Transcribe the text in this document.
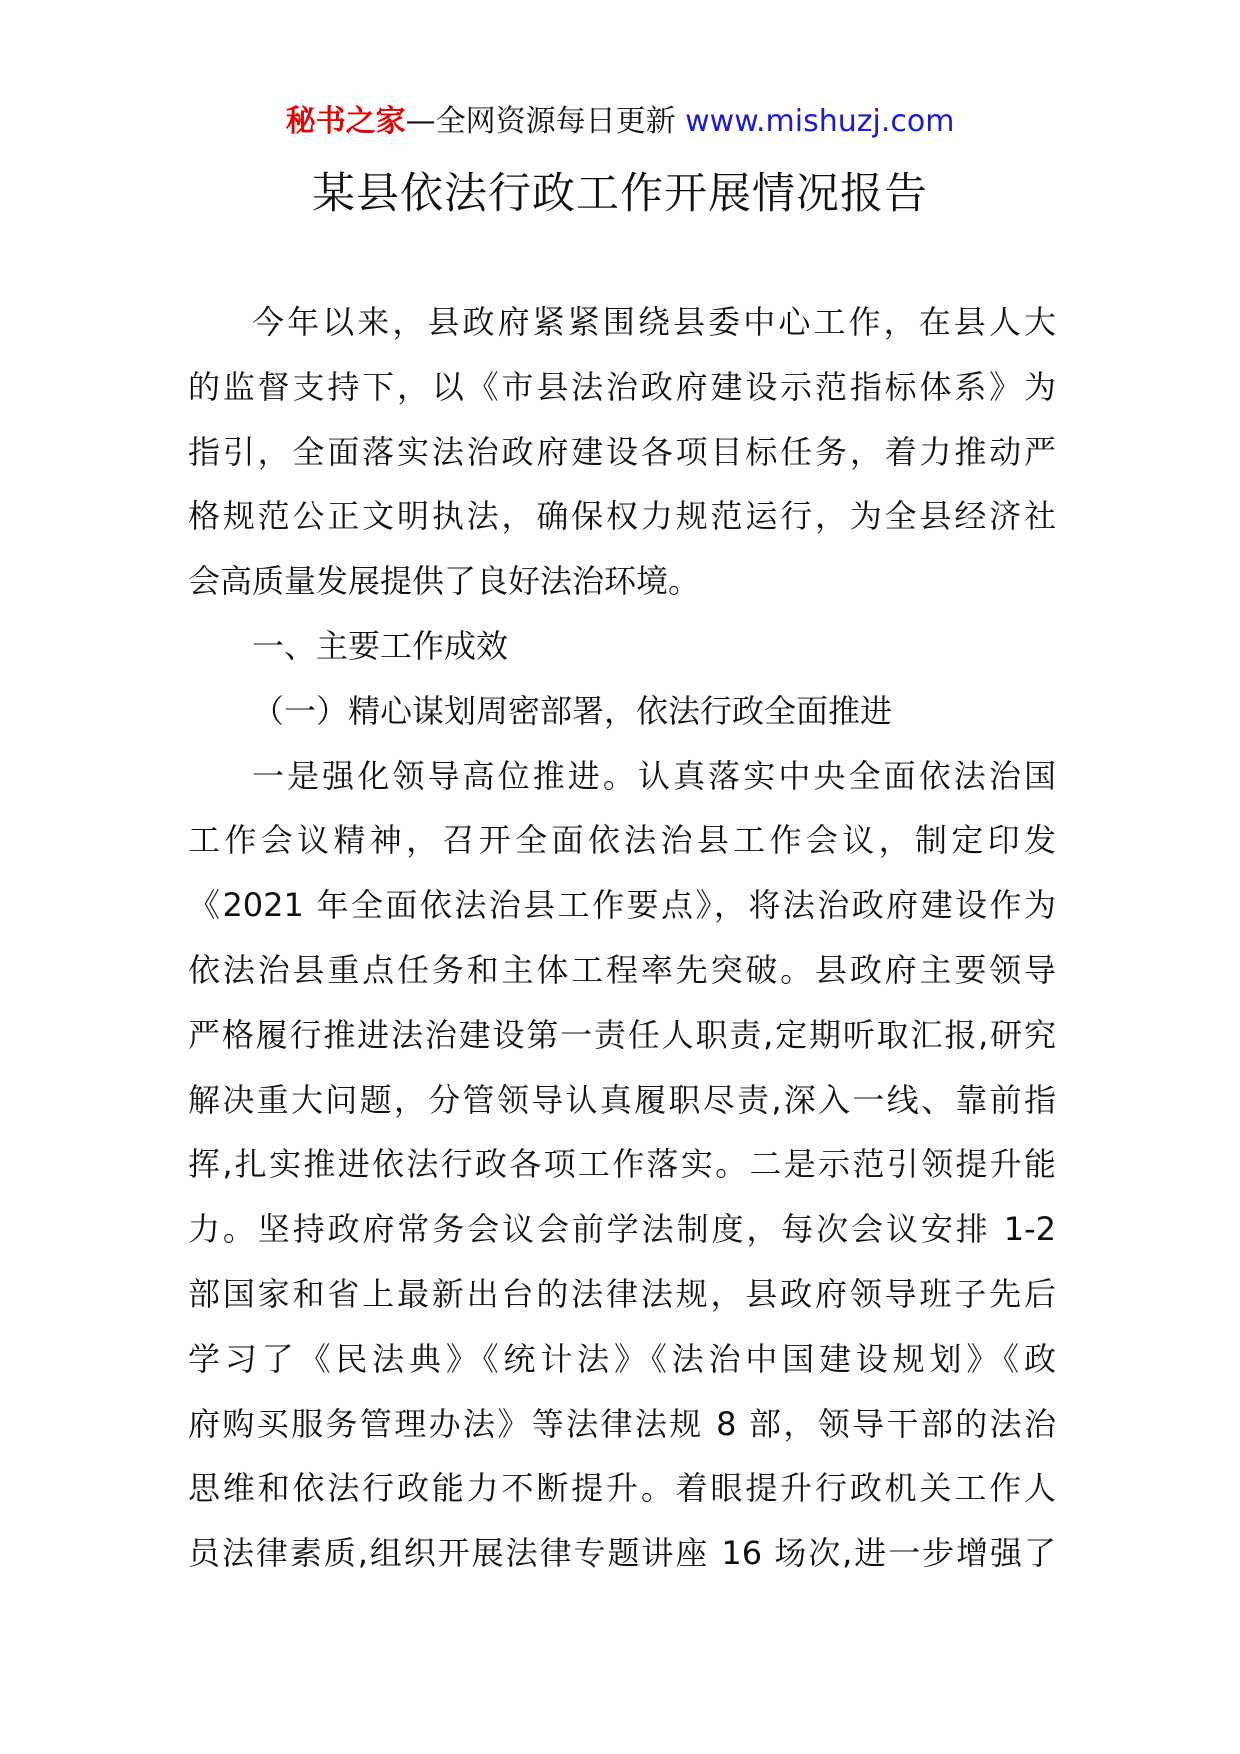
秘书之家—全网资源每日更新 www.mishuzj.com
某县依法行政工作开展情况报告
今年以来，县政府紧紧围绕县委中心工作，在县人大
的监督支持下，以《市县法治政府建设示范指标体系》为
指引，全面落实法治政府建设各项目标任务，着力推动严
格规范公正文明执法，确保权力规范运行，为全县经济社
会高质量发展提供了良好法治环境。
一、主要工作成效
（一）精心谋划周密部署，依法行政全面推进
一是强化领导高位推进。认真落实中央全面依法治国
工作会议精神，召开全面依法治县工作会议，制定印发
《2021 年全面依法治县工作要点》，将法治政府建设作为
依法治县重点任务和主体工程率先突破。县政府主要领导
严格履行推进法治建设第一责任人职责,定期听取汇报,研究
解决重大问题，分管领导认真履职尽责,深入一线、靠前指
挥,扎实推进依法行政各项工作落实。二是示范引领提升能
力。坚持政府常务会议会前学法制度，每次会议安排 1-2
部国家和省上最新出台的法律法规，县政府领导班子先后
学习了《民法典》《统计法》《法治中国建设规划》《政
府购买服务管理办法》等法律法规 8 部，领导干部的法治
思维和依法行政能力不断提升。着眼提升行政机关工作人
员法律素质,组织开展法律专题讲座 16 场次,进一步增强了
